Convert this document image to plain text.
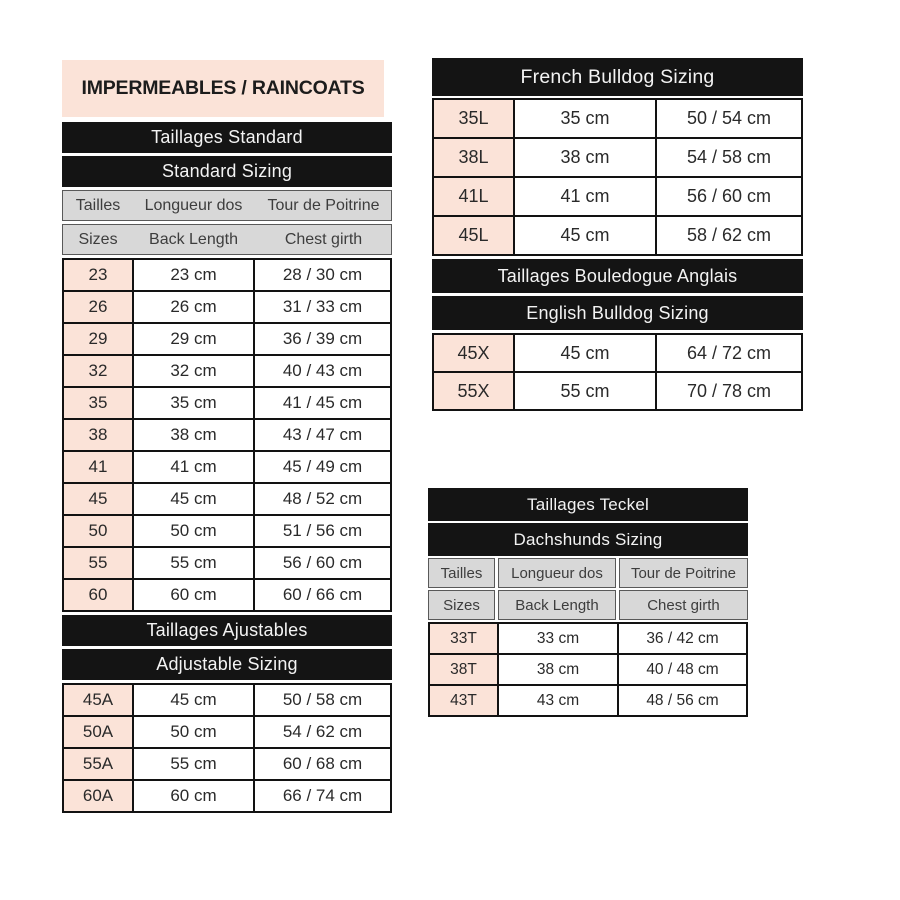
IMPERMEABLES / RAINCOATS
Taillages Standard
Standard Sizing
Tailles	Longueur dos	Tour de Poitrine
Sizes	Back Length	Chest girth
23	23 cm	28 / 30 cm
26	26 cm	31 / 33 cm
29	29 cm	36 / 39 cm
32	32 cm	40 / 43 cm
35	35 cm	41 / 45 cm
38	38 cm	43 / 47 cm
41	41 cm	45 / 49 cm
45	45 cm	48 / 52 cm
50	50 cm	51 / 56 cm
55	55 cm	56 / 60 cm
60	60 cm	60 / 66 cm
Taillages Ajustables
Adjustable Sizing
45A	45 cm	50 / 58 cm
50A	50 cm	54 / 62 cm
55A	55 cm	60 / 68 cm
60A	60 cm	66 / 74 cm
French Bulldog Sizing
35L	35 cm	50 / 54 cm
38L	38 cm	54 / 58 cm
41L	41 cm	56 / 60 cm
45L	45 cm	58 / 62 cm
Taillages Bouledogue Anglais
English Bulldog Sizing
45X	45 cm	64 / 72 cm
55X	55 cm	70 / 78 cm
Taillages Teckel
Dachshunds Sizing
Tailles	Longueur dos	Tour de Poitrine
Sizes	Back Length	Chest girth
33T	33 cm	36 / 42 cm
38T	38 cm	40 / 48 cm
43T	43 cm	48 / 56 cm
